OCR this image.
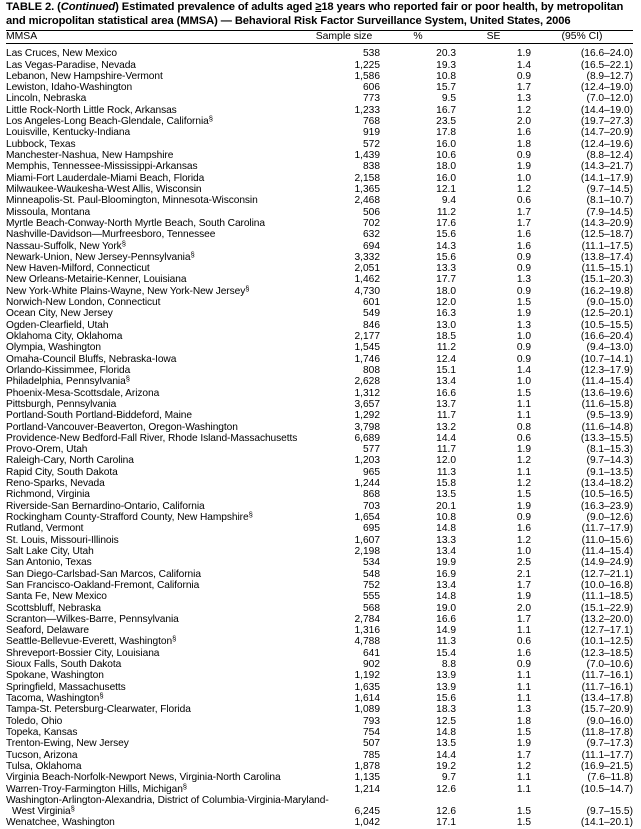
TABLE 2. (Continued) Estimated prevalence of adults aged ≥18 years who reported fair or poor health, by metropolitan and micropolitan statistical area (MMSA) — Behavioral Risk Factor Surveillance System, United States, 2006
MMSA	Sample size	%	SE	(95% CI)

Las Cruces, New Mexico	538	20.3	1.9	(16.6–24.0)
Las Vegas-Paradise, Nevada	1,225	19.3	1.4	(16.5–22.1)
Lebanon, New Hampshire-Vermont	1,586	10.8	0.9	(8.9–12.7)
Lewiston, Idaho-Washington	606	15.7	1.7	(12.4–19.0)
Lincoln, Nebraska	773	9.5	1.3	(7.0–12.0)
Little Rock-North Little Rock, Arkansas	1,233	16.7	1.2	(14.4–19.0)
Los Angeles-Long Beach-Glendale, California§	768	23.5	2.0	(19.7–27.3)
Louisville, Kentucky-Indiana	919	17.8	1.6	(14.7–20.9)
Lubbock, Texas	572	16.0	1.8	(12.4–19.6)
Manchester-Nashua, New Hampshire	1,439	10.6	0.9	(8.8–12.4)
Memphis, Tennessee-Mississippi-Arkansas	838	18.0	1.9	(14.3–21.7)
Miami-Fort Lauderdale-Miami Beach, Florida	2,158	16.0	1.0	(14.1–17.9)
Milwaukee-Waukesha-West Allis, Wisconsin	1,365	12.1	1.2	(9.7–14.5)
Minneapolis-St. Paul-Bloomington, Minnesota-Wisconsin	2,468	9.4	0.6	(8.1–10.7)
Missoula, Montana	506	11.2	1.7	(7.9–14.5)
Myrtle Beach-Conway-North Myrtle Beach, South Carolina	702	17.6	1.7	(14.3–20.9)
Nashville-Davidson—Murfreesboro, Tennessee	632	15.6	1.6	(12.5–18.7)
Nassau-Suffolk, New York§	694	14.3	1.6	(11.1–17.5)
Newark-Union, New Jersey-Pennsylvania§	3,332	15.6	0.9	(13.8–17.4)
New Haven-Milford, Connecticut	2,051	13.3	0.9	(11.5–15.1)
New Orleans-Metairie-Kenner, Louisiana	1,462	17.7	1.3	(15.1–20.3)
New York-White Plains-Wayne, New York-New Jersey§	4,730	18.0	0.9	(16.2–19.8)
Norwich-New London, Connecticut	601	12.0	1.5	(9.0–15.0)
Ocean City, New Jersey	549	16.3	1.9	(12.5–20.1)
Ogden-Clearfield, Utah	846	13.0	1.3	(10.5–15.5)
Oklahoma City, Oklahoma	2,177	18.5	1.0	(16.6–20.4)
Olympia, Washington	1,545	11.2	0.9	(9.4–13.0)
Omaha-Council Bluffs, Nebraska-Iowa	1,746	12.4	0.9	(10.7–14.1)
Orlando-Kissimmee, Florida	808	15.1	1.4	(12.3–17.9)
Philadelphia, Pennsylvania§	2,628	13.4	1.0	(11.4–15.4)
Phoenix-Mesa-Scottsdale, Arizona	1,312	16.6	1.5	(13.6–19.6)
Pittsburgh, Pennsylvania	3,657	13.7	1.1	(11.6–15.8)
Portland-South Portland-Biddeford, Maine	1,292	11.7	1.1	(9.5–13.9)
Portland-Vancouver-Beaverton, Oregon-Washington	3,798	13.2	0.8	(11.6–14.8)
Providence-New Bedford-Fall River, Rhode Island-Massachusetts	6,689	14.4	0.6	(13.3–15.5)
Provo-Orem, Utah	577	11.7	1.9	(8.1–15.3)
Raleigh-Cary, North Carolina	1,203	12.0	1.2	(9.7–14.3)
Rapid City, South Dakota	965	11.3	1.1	(9.1–13.5)
Reno-Sparks, Nevada	1,244	15.8	1.2	(13.4–18.2)
Richmond, Virginia	868	13.5	1.5	(10.5–16.5)
Riverside-San Bernardino-Ontario, California	703	20.1	1.9	(16.3–23.9)
Rockingham County-Strafford County, New Hampshire§	1,654	10.8	0.9	(9.0–12.6)
Rutland, Vermont	695	14.8	1.6	(11.7–17.9)
St. Louis, Missouri-Illinois	1,607	13.3	1.2	(11.0–15.6)
Salt Lake City, Utah	2,198	13.4	1.0	(11.4–15.4)
San Antonio, Texas	534	19.9	2.5	(14.9–24.9)
San Diego-Carlsbad-San Marcos, California	548	16.9	2.1	(12.7–21.1)
San Francisco-Oakland-Fremont, California	752	13.4	1.7	(10.0–16.8)
Santa Fe, New Mexico	555	14.8	1.9	(11.1–18.5)
Scottsbluff, Nebraska	568	19.0	2.0	(15.1–22.9)
Scranton—Wilkes-Barre, Pennsylvania	2,784	16.6	1.7	(13.2–20.0)
Seaford, Delaware	1,316	14.9	1.1	(12.7–17.1)
Seattle-Bellevue-Everett, Washington§	4,788	11.3	0.6	(10.1–12.5)
Shreveport-Bossier City, Louisiana	641	15.4	1.6	(12.3–18.5)
Sioux Falls, South Dakota	902	8.8	0.9	(7.0–10.6)
Spokane, Washington	1,192	13.9	1.1	(11.7–16.1)
Springfield, Massachusetts	1,635	13.9	1.1	(11.7–16.1)
Tacoma, Washington§	1,614	15.6	1.1	(13.4–17.8)
Tampa-St. Petersburg-Clearwater, Florida	1,089	18.3	1.3	(15.7–20.9)
Toledo, Ohio	793	12.5	1.8	(9.0–16.0)
Topeka, Kansas	754	14.8	1.5	(11.8–17.8)
Trenton-Ewing, New Jersey	507	13.5	1.9	(9.7–17.3)
Tucson, Arizona	785	14.4	1.7	(11.1–17.7)
Tulsa, Oklahoma	1,878	19.2	1.2	(16.9–21.5)
Virginia Beach-Norfolk-Newport News, Virginia-North Carolina	1,135	9.7	1.1	(7.6–11.8)
Warren-Troy-Farmington Hills, Michigan§	1,214	12.6	1.1	(10.5–14.7)
Washington-Arlington-Alexandria, District of Columbia-Virginia-Maryland-				
West Virginia§	6,245	12.6	1.5	(9.7–15.5)
Wenatchee, Washington	1,042	17.1	1.5	(14.1–20.1)
